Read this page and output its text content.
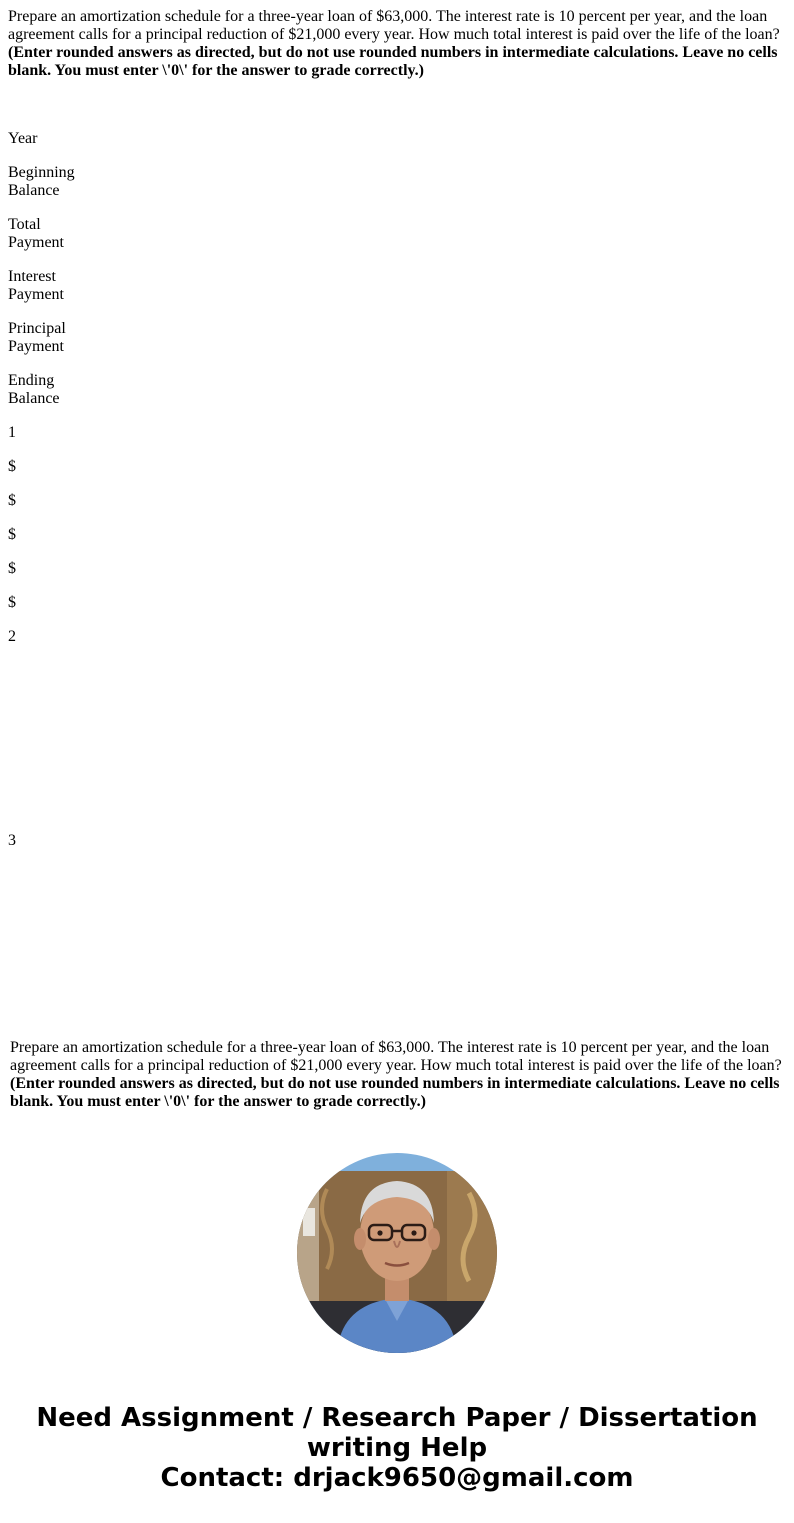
Prepare an amortization schedule for a three-year loan of $63,000. The interest rate is 10 percent per year, and the loan agreement calls for a principal reduction of $21,000 every year. How much total interest is paid over the life of the loan? (Enter rounded answers as directed, but do not use rounded numbers in intermediate calculations. Leave no cells blank. You must enter \'0\' for the answer to grade correctly.)
Year
Beginning
Balance
Total
Payment
Interest
Payment
Principal
Payment
Ending
Balance
1
$
$
$
$
$
2
3
Prepare an amortization schedule for a three-year loan of $63,000. The interest rate is 10 percent per year, and the loan agreement calls for a principal reduction of $21,000 every year. How much total interest is paid over the life of the loan? (Enter rounded answers as directed, but do not use rounded numbers in intermediate calculations. Leave no cells blank. You must enter \'0\' for the answer to grade correctly.)
Need Assignment / Research Paper / Dissertation writing Help
Contact: drjack9650@gmail.com
